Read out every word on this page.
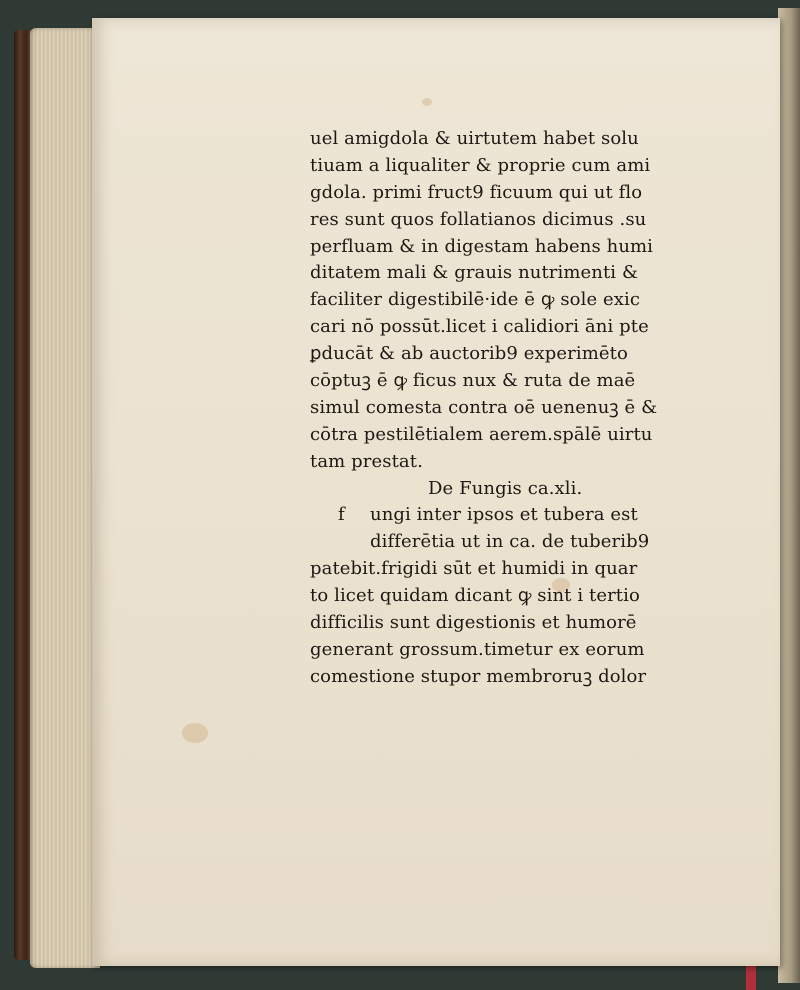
uel amigdola & uirtutem habet solu
tiuam a liqualiter & proprie cum ami
gdola. primi fruct9 ficuum qui ut flo
res sunt quos follatianos dicimus .su
perfluam & in digestam habens humi
ditatem mali & grauis nutrimenti &
faciliter digestibilē·ide ē ꝙ sole exic
cari nō possūt.licet i calidiori āni pte
ꝑducāt & ab auctorib9 experimēto
cōptuꝫ ē ꝙ ficus nux & ruta de maē
simul comesta contra oē uenenuꝫ ē &
cōtra pestilētialem aerem.spālē uirtu
tam prestat.
De Fungis ca.xli.
f ungi inter ipsos et tubera est
differētia ut in ca. de tuberib9
patebit.frigidi sūt et humidi in quar
to licet quidam dicant ꝙ sint i tertio
difficilis sunt digestionis et humorē
generant grossum.timetur ex eorum
comestione stupor membroruꝫ dolor
